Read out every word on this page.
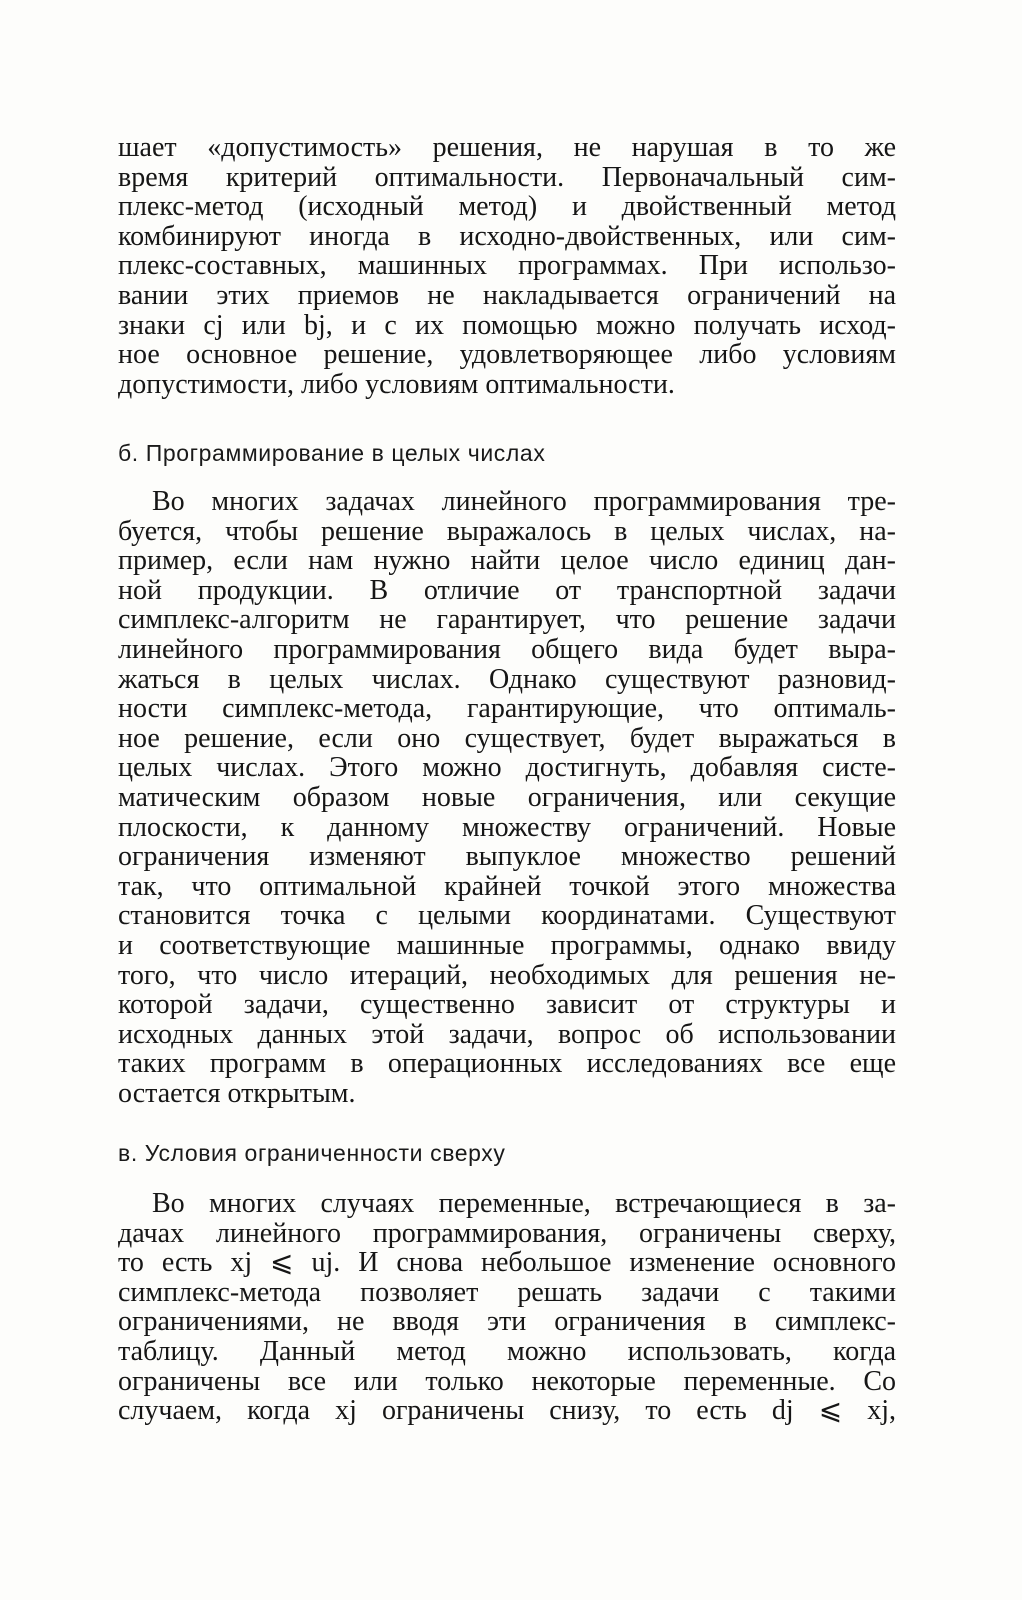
шает «допустимость» решения, не нарушая в то же
время критерий оптимальности. Первоначальный сим-
плекс-метод (исходный метод) и двойственный метод
комбинируют иногда в исходно-двойственных, или сим-
плекс-составных, машинных программах. При использо-
вании этих приемов не накладывается ограничений на
знаки cj или bj, и с их помощью можно получать исход-
ное основное решение, удовлетворяющее либо условиям
допустимости, либо условиям оптимальности.
б. Программирование в целых числах
Во многих задачах линейного программирования тре-
буется, чтобы решение выражалось в целых числах, на-
пример, если нам нужно найти целое число единиц дан-
ной продукции. В отличие от транспортной задачи
симплекс-алгоритм не гарантирует, что решение задачи
линейного программирования общего вида будет выра-
жаться в целых числах. Однако существуют разновид-
ности симплекс-метода, гарантирующие, что оптималь-
ное решение, если оно существует, будет выражаться в
целых числах. Этого можно достигнуть, добавляя систе-
матическим образом новые ограничения, или секущие
плоскости, к данному множеству ограничений. Новые
ограничения изменяют выпуклое множество решений
так, что оптимальной крайней точкой этого множества
становится точка с целыми координатами. Существуют
и соответствующие машинные программы, однако ввиду
того, что число итераций, необходимых для решения не-
которой задачи, существенно зависит от структуры и
исходных данных этой задачи, вопрос об использовании
таких программ в операционных исследованиях все еще
остается открытым.
в. Условия ограниченности сверху
Во многих случаях переменные, встречающиеся в за-
дачах линейного программирования, ограничены сверху,
то есть xj ⩽ uj. И снова небольшое изменение основного
симплекс-метода позволяет решать задачи с такими
ограничениями, не вводя эти ограничения в симплекс-
таблицу. Данный метод можно использовать, когда
ограничены все или только некоторые переменные. Со
случаем, когда xj ограничены снизу, то есть dj ⩽ xj,
